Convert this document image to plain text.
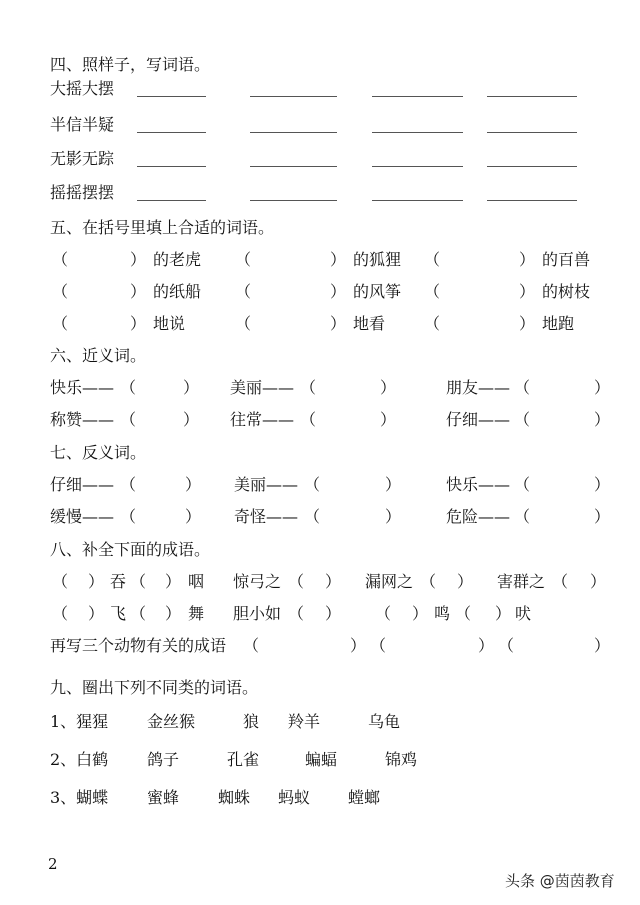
四、照样子，写词语。
大摇大摆
半信半疑
无影无踪
摇摇摆摆
五、在括号里填上合适的词语。
（	） 的老虎 （	） 的狐狸 （	） 的百兽
（	） 的纸船 （	） 的风筝 （	） 的树枝
（	） 地说	（	） 地看 （	） 地跑
六、近义词。
快乐—— （	） 美丽—— （	）	朋友—— （	）
称赞—— （	） 往常—— （	）	仔细—— （	）
七、反义词。
仔细—— （	） 美丽—— （	）	快乐—— （	）
缓慢—— （	） 奇怪—— （	）	危险—— （	）
八、补全下面的成语。
（ ） 吞 （ ） 咽 惊弓之 （ ） 漏网之 （ ） 害群之 （ ）
（ ） 飞 （ ） 舞 胆小如 （ ） （ ） 鸣 （ ） 吠
再写三个动物有关的成语 （	） （	） （	）
九、圈出下列不同类的词语。
1、猩猩 金丝猴	狼 羚羊	乌龟
2、白鹤 鸽子	孔雀	蝙蝠	锦鸡
3、蝴蝶 蜜蜂 蜘蛛 蚂蚁 螳螂
2
头条 @茵茵教育
